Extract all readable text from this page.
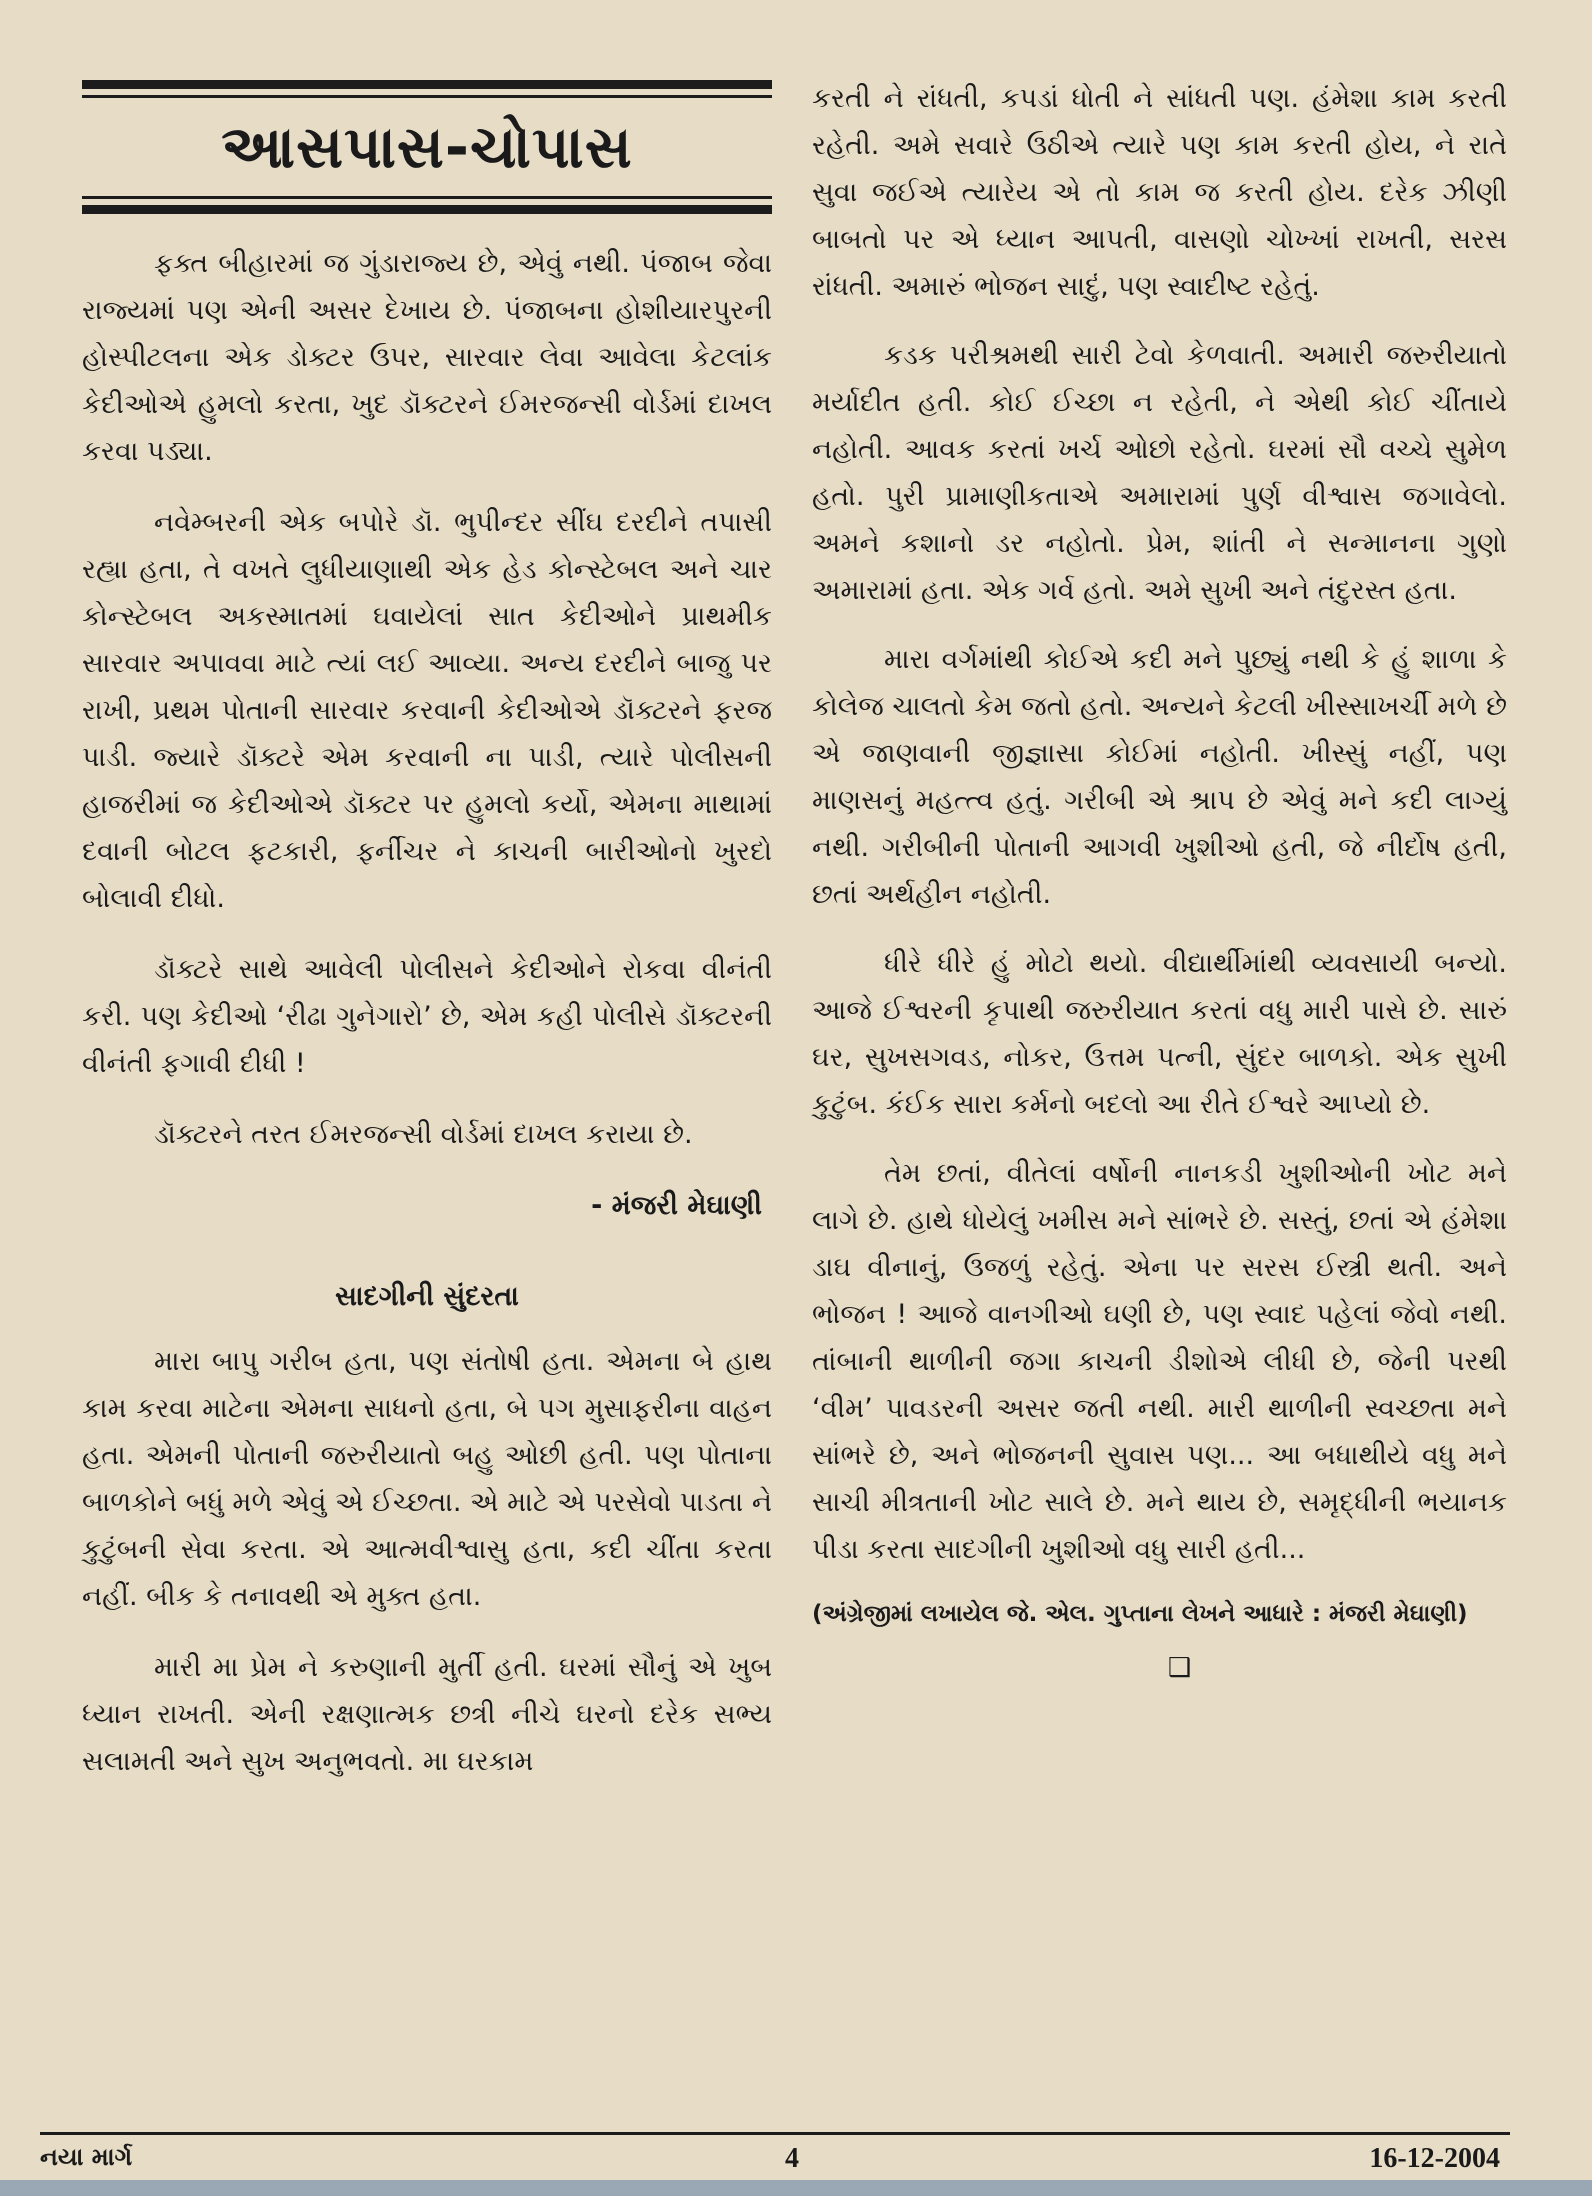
આસપાસ-ચોપાસ

ફક્ત બીહારમાં જ ગુંડારાજ્ય છે, એવું નથી. પંજાબ જેવા રાજ્યમાં પણ એની અસર દેખાય છે. પંજાબના હોશીયારપુરની હોસ્પીટલના એક ડોક્ટર ઉપર, સારવાર લેવા આવેલા કેટલાંક કેદીઓએ હુમલો કરતા, ખુદ ડૉક્ટરને ઈમરજન્સી વોર્ડમાં દાખલ કરવા પડ્યા.

નવેમ્બરની એક બપોરે ડૉ. ભુપીન્દર સીંઘ દરદીને તપાસી રહ્યા હતા, તે વખતે લુધીયાણાથી એક હેડ કોન્સ્ટેબલ અને ચાર કોન્સ્ટેબલ અકસ્માતમાં ઘવાયેલાં સાત કેદીઓને પ્રાથમીક સારવાર અપાવવા માટે ત્યાં લઈ આવ્યા. અન્ય દરદીને બાજુ પર રાખી, પ્રથમ પોતાની સારવાર કરવાની કેદીઓએ ડૉક્ટરને ફરજ પાડી. જ્યારે ડૉક્ટરે એમ કરવાની ના પાડી, ત્યારે પોલીસની હાજરીમાં જ કેદીઓએ ડૉક્ટર પર હુમલો કર્યો, એમના માથામાં દવાની બોટલ ફટકારી, ફર્નીચર ને કાચની બારીઓનો ખુરદો બોલાવી દીધો.

ડૉક્ટરે સાથે આવેલી પોલીસને કેદીઓને રોકવા વીનંતી કરી. પણ કેદીઓ ‘રીઢા ગુનેગારો’ છે, એમ કહી પોલીસે ડૉક્ટરની વીનંતી ફગાવી દીધી !

ડૉક્ટરને તરત ઈમરજન્સી વોર્ડમાં દાખલ કરાયા છે.

- મંજરી મેઘાણી
સાદગીની સુંદરતા

મારા બાપુ ગરીબ હતા, પણ સંતોષી હતા. એમના બે હાથ કામ કરવા માટેના એમના સાધનો હતા, બે પગ મુસાફરીના વાહન હતા. એમની પોતાની જરુરીયાતો બહુ ઓછી હતી. પણ પોતાના બાળકોને બધું મળે એવું એ ઈચ્છતા. એ માટે એ પરસેવો પાડતા ને કુટુંબની સેવા કરતા. એ આત્મવીશ્વાસુ હતા, કદી ચીંતા કરતા નહીં. બીક કે તનાવથી એ મુક્ત હતા.

મારી મા પ્રેમ ને કરુણાની મુર્તી હતી. ઘરમાં સૌનું એ ખુબ ધ્યાન રાખતી. એની રક્ષણાત્મક છત્રી નીચે ઘરનો દરેક સભ્ય સલામતી અને સુખ અનુભવતો. મા ઘરકામ

કરતી ને રાંધતી, કપડાં ધોતી ને સાંધતી પણ. હંમેશા કામ કરતી રહેતી. અમે સવારે ઉઠીએ ત્યારે પણ કામ કરતી હોય, ને રાતે સુવા જઈએ ત્યારેય એ તો કામ જ કરતી હોય. દરેક ઝીણી બાબતો પર એ ધ્યાન આપતી, વાસણો ચોખ્ખાં રાખતી, સરસ રાંધતી. અમારું ભોજન સાદું, પણ સ્વાદીષ્ટ રહેતું.

કડક પરીશ્રમથી સારી ટેવો કેળવાતી. અમારી જરુરીયાતો મર્યાદીત હતી. કોઈ ઈચ્છા ન રહેતી, ને એથી કોઈ ચીંતાયે નહોતી. આવક કરતાં ખર્ચ ઓછો રહેતો. ઘરમાં સૌ વચ્ચે સુમેળ હતો. પુરી પ્રામાણીકતાએ અમારામાં પુર્ણ વીશ્વાસ જગાવેલો. અમને કશાનો ડર નહોતો. પ્રેમ, શાંતી ને સન્માનના ગુણો અમારામાં હતા. એક ગર્વ હતો. અમે સુખી અને તંદુરસ્ત હતા.

મારા વર્ગમાંથી કોઈએ કદી મને પુછ્યું નથી કે હું શાળા કે કોલેજ ચાલતો કેમ જતો હતો. અન્યને કેટલી ખીસ્સાખર્ચી મળે છે એ જાણવાની જીજ્ઞાસા કોઈમાં નહોતી. ખીસ્સું નહીં, પણ માણસનું મહત્ત્વ હતું. ગરીબી એ શ્રાપ છે એવું મને કદી લાગ્યું નથી. ગરીબીની પોતાની આગવી ખુશીઓ હતી, જે નીર્દોષ હતી, છતાં અર્થહીન નહોતી.

ધીરે ધીરે હું મોટો થયો. વીદ્યાર્થીમાંથી વ્યવસાયી બન્યો. આજે ઈશ્વરની કૃપાથી જરુરીયાત કરતાં વધુ મારી પાસે છે. સારું ઘર, સુખસગવડ, નોકર, ઉત્તમ પત્ની, સુંદર બાળકો. એક સુખી કુટુંબ. કંઈક સારા કર્મનો બદલો આ રીતે ઈશ્વરે આપ્યો છે.

તેમ છતાં, વીતેલાં વર્ષોની નાનકડી ખુશીઓની ખોટ મને લાગે છે. હાથે ધોયેલું ખમીસ મને સાંભરે છે. સસ્તું, છતાં એ હંમેશા ડાઘ વીનાનું, ઉજળું રહેતું. એના પર સરસ ઈસ્ત્રી થતી. અને ભોજન ! આજે વાનગીઓ ઘણી છે, પણ સ્વાદ પહેલાં જેવો નથી. તાંબાની થાળીની જગા કાચની ડીશોએ લીધી છે, જેની પરથી ‘વીમ’ પાવડરની અસર જતી નથી. મારી થાળીની સ્વચ્છતા મને સાંભરે છે, અને ભોજનની સુવાસ પણ... આ બધાથીયે વધુ મને સાચી મીત્રતાની ખોટ સાલે છે. મને થાય છે, સમૃદ્ધીની ભયાનક પીડા કરતા સાદગીની ખુશીઓ વધુ સારી હતી...

(અંગ્રેજીમાં લખાયેલ જે. એલ. ગુપ્તાના લેખને આધારે : મંજરી મેઘાણી)
❑
નયા માર્ગ	4	16-12-2004
